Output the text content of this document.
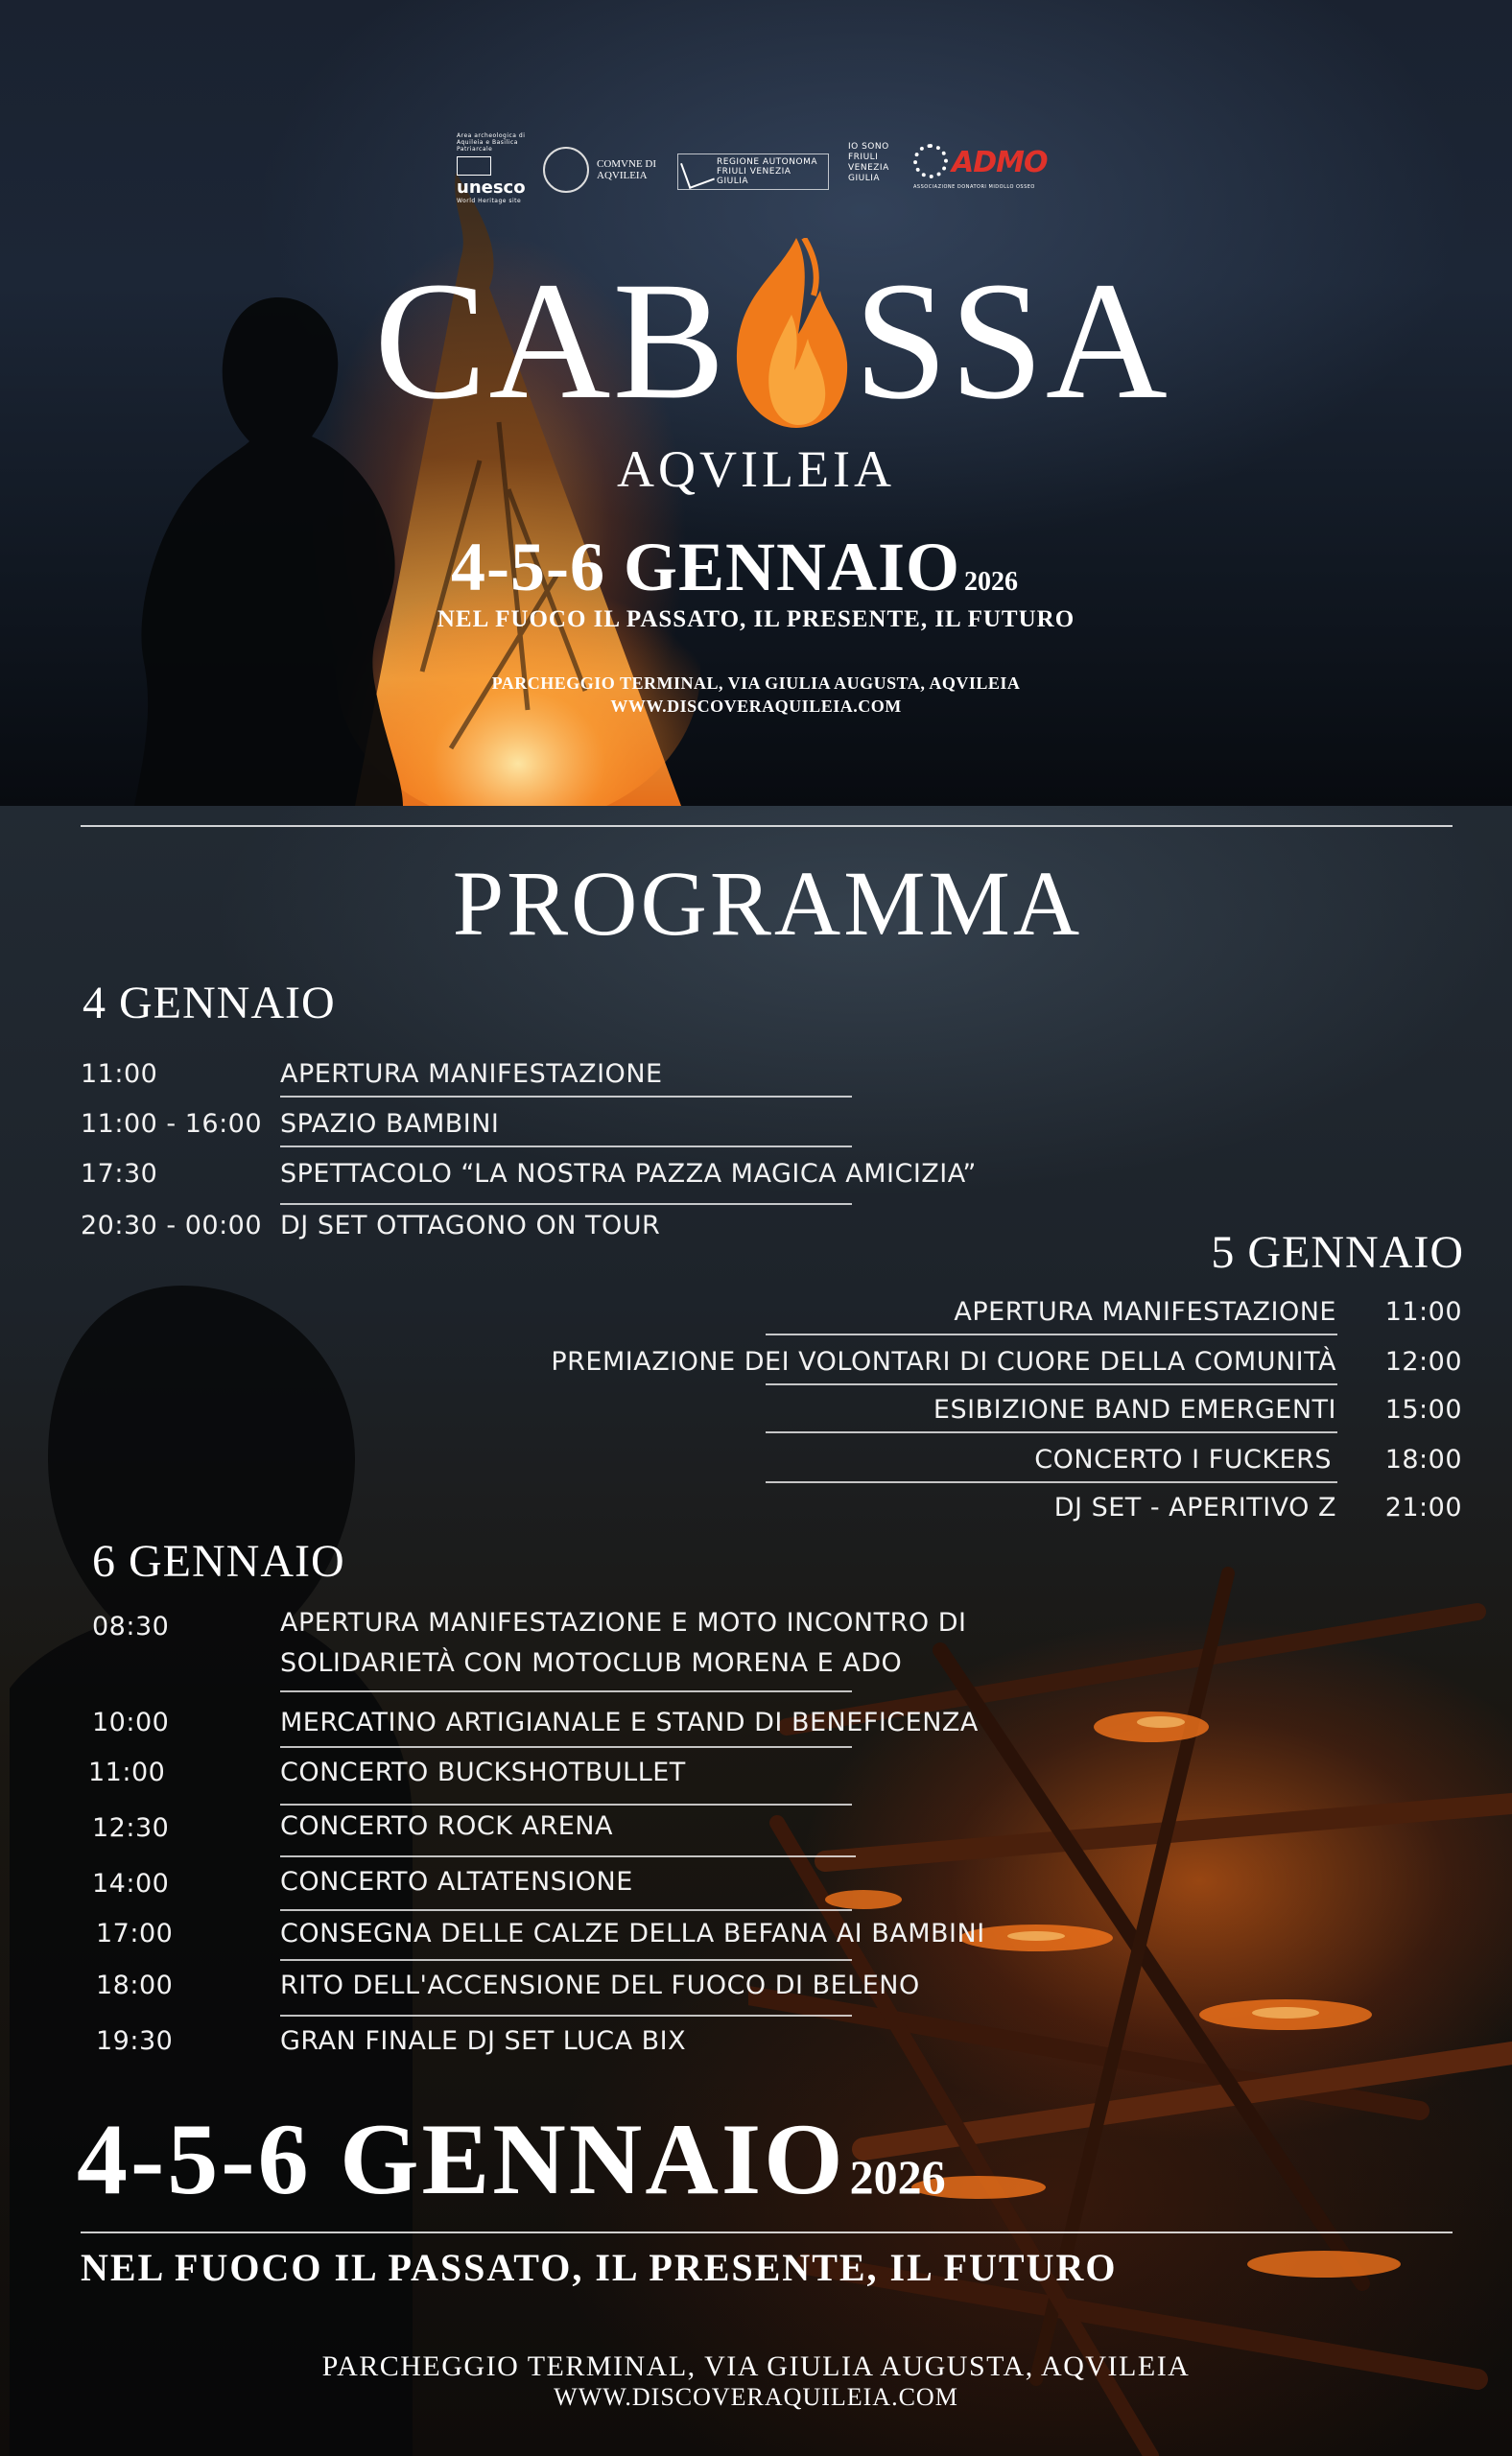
Area archeologica di Aquileia e Basilica Patriarcale
unesco
World Heritage site
COMVNE DI AQVILEIA
REGIONE AUTONOMA FRIULI VENEZIA GIULIA
IO SONO FRIULI VENEZIA GIULIA	ADMO
ASSOCIAZIONE DONATORI MIDOLLO OSSEO
CAB SSA
AQVILEIA
4-5-6 GENNAIO 2026
NEL FUOCO IL PASSATO, IL PRESENTE, IL FUTURO
PARCHEGGIO TERMINAL, VIA GIULIA AUGUSTA, AQVILEIA
WWW.DISCOVERAQUILEIA.COM
PROGRAMMA
4 GENNAIO
11:00	APERTURA MANIFESTAZIONE
11:00 - 16:00 SPAZIO BAMBINI
17:30	SPETTACOLO “LA NOSTRA PAZZA MAGICA AMICIZIA”
20:30 - 00:00 DJ SET OTTAGONO ON TOUR
5 GENNAIO
APERTURA MANIFESTAZIONE 11:00
PREMIAZIONE DEI VOLONTARI DI CUORE DELLA COMUNITÀ 12:00
ESIBIZIONE BAND EMERGENTI 15:00
CONCERTO I FUCKERS 18:00
DJ SET - APERITIVO Z 21:00
6 GENNAIO
08:30	APERTURA MANIFESTAZIONE E MOTO INCONTRO DI
SOLIDARIETÀ CON MOTOCLUB MORENA E ADO
10:00	MERCATINO ARTIGIANALE E STAND DI BENEFICENZA
11:00	CONCERTO BUCKSHOTBULLET
12:30	CONCERTO ROCK ARENA
14:00	CONCERTO ALTATENSIONE
17:00	CONSEGNA DELLE CALZE DELLA BEFANA AI BAMBINI
18:00	RITO DELL'ACCENSIONE DEL FUOCO DI BELENO
19:30	GRAN FINALE DJ SET LUCA BIX
4-5-6 GENNAIO 2026
NEL FUOCO IL PASSATO, IL PRESENTE, IL FUTURO
PARCHEGGIO TERMINAL, VIA GIULIA AUGUSTA, AQVILEIA
WWW.DISCOVERAQUILEIA.COM
